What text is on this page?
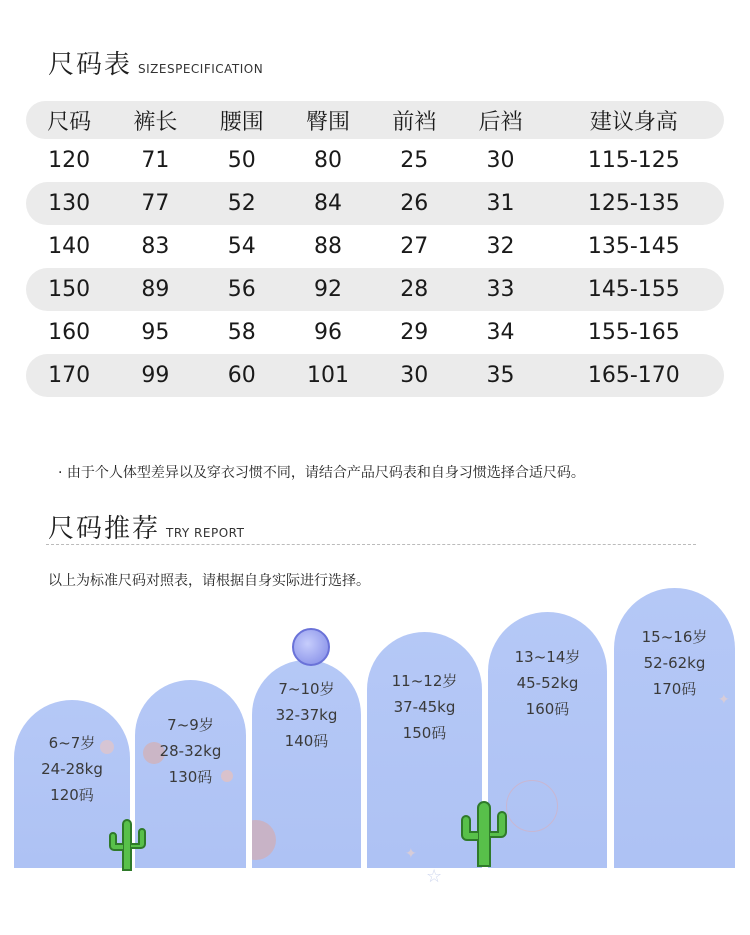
尺码表 SIZESPECIFICATION
尺码	裤长	腰围	臀围	前裆	后裆	建议身高
120	71	50	80	25	30	115-125
130	77	52	84	26	31	125-135
140	83	54	88	27	32	135-145
150	89	56	92	28	33	145-155
160	95	58	96	29	34	155-165
170	99	60	101	30	35	165-170
· 由于个人体型差异以及穿衣习惯不同，请结合产品尺码表和自身习惯选择合适尺码。
尺码推荐 TRY REPORT
以上为标准尺码对照表，请根据自身实际进行选择。
6~7岁
24-28kg
120码
7~9岁
28-32kg
130码
7~10岁
32-37kg
140码
✦
11~12岁
37-45kg
150码
13~14岁
45-52kg
160码	✦
15~16岁
52-62kg
170码
☆
